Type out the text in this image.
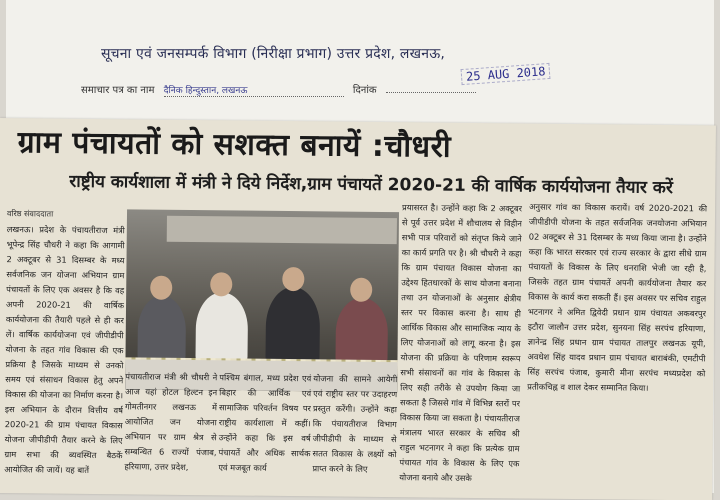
सूचना एवं जनसम्पर्क विभाग (निरीक्षा प्रभाग) उत्तर प्रदेश, लखनऊ,
25 AUG 2018
समाचार पत्र का नाम दैनिक हिन्दुस्तान, लखनऊ	दिनांक
ग्राम पंचायतों को सशक्त बनायें :चौधरी
राष्ट्रीय कार्यशाला में मंत्री ने दिये निर्देश,ग्राम पंचायतें 2020-21 की वार्षिक कार्ययोजना तैयार करें
वरिष्ठ संवाददाता
लखनऊ। प्रदेश के पंचायतीराज मंत्री भूपेन्द्र सिंह चौधरी ने कहा कि आगामी 2 अक्टूबर से 31 दिसम्बर के मध्य सर्वजनिक जन योजना अभियान ग्राम पंचायतों के लिए एक अवसर है कि वह अपनी 2020-21 की वार्षिक कार्ययोजना की तैयारी पहले से ही कर लें। वार्षिक कार्ययोजना एवं जीपीडीपी योजना के तहत गांव विकास की एक प्रक्रिया है जिसके माध्यम से उनको समय एवं संसाधन विकास हेतु अपने विकास की योजना का निर्माण करना है। इस अभियान के दौरान वित्तीय वर्ष 2020-21 की ग्राम पंचायत विकास योजना जीपीडीपी तैयार करने के लिए ग्राम सभा की ब्यवस्थित बैठकें आयोजित की जायें। यह बातें
पंचायतीराज मंत्री श्री चौधरी ने आज यहां होटल हिल्टन इन गोमतीनगर लखनऊ में आयोजित जन योजना अभियान पर ग्राम श्रेत्र से सम्बन्धित 6 राज्यों पंजाब, हरियाणा, उत्तर प्रदेश,
पश्चिम बंगाल, मध्य प्रदेश एवं बिहार की आर्थिक एवं सामाजिक परिवर्तन विषय पर राष्ट्रीय कार्यशाला में कहीं। उन्होंने कहा कि इस वर्ष पंचायतें और अधिक सार्थक एवं मजबूत कार्य
योजना की सामने आयेगी एवं राष्ट्रीय स्तर पर उदाहरण प्रस्तुत करेंगी। उन्होंने कहा कि पंचायतीराज विभाग जीपीडीपी के माध्यम से सतत विकास के लक्ष्यों को प्राप्त करने के लिए
प्रयासरत है। उन्होंने कहा कि 2 अक्टूबर से पूर्व उत्तर प्रदेश में शौचालय से विहीन सभी पात्र परिवारों को संतृप्त किये जाने का कार्य प्रगति पर है। श्री चौधरी ने कहा कि ग्राम पंचायत विकास योजना का उद्देश्य हितधारकों के साथ योजना बनाना तथा उन योजनाओं के अनुसार क्षेत्रीय स्तर पर विकास करना है। साथ ही आर्थिक विकास और सामाजिक न्याय के लिए योजनाओं को लागू करना है। इस योजना की प्रक्रिया के परिणाम स्वरूप सभी संसाधनों का गांव के विकास के लिए सही तरीके से उपयोग किया जा सकता है जिससे गांव में विभिन्न स्तरों पर विकास किया जा सकता है। पंचायतीराज मंत्रालय भारत सरकार के सचिव श्री राहुल भटनागर ने कहा कि प्रत्येक ग्राम पंचायत गांव के विकास के लिए एक योजना बनाये और उसके
अनुसार गांव का विकास करायें। वर्ष 2020-2021 की जीपीडीपी योजना के तहत सर्वजनिक जनयोजना अभियान 02 अक्टूबर से 31 दिसम्बर के मध्य किया जाना है। उन्होंने कहा कि भारत सरकार एवं राज्य सरकार के द्वारा सीधे ग्राम पंचायतों के विकास के लिए धनराशि भेजी जा रही है, जिसके तहत ग्राम पंचायतें अपनी कार्ययोजना तैयार कर विकास के कार्य करा सकती हैं। इस अवसर पर सचिव राहुल भटनागर ने अमित द्विवेदी प्रधान ग्राम पंचायत अकबरपुर इटौरा जालौन उत्तर प्रदेश, सुनयना सिंह सरपंच हरियाणा, ज्ञानेन्द्र सिंह प्रधान ग्राम पंचायत तालपुर लखनऊ यूपी, अवधेश सिंह यादव प्रधान ग्राम पंचायत बाराबंकी, एमटीपी सिंह सरपंच पंजाब, कुमारी मीना सरपंच मध्यप्रदेश को प्रतीकचिह्न व शाल देकर सम्मानित किया।
